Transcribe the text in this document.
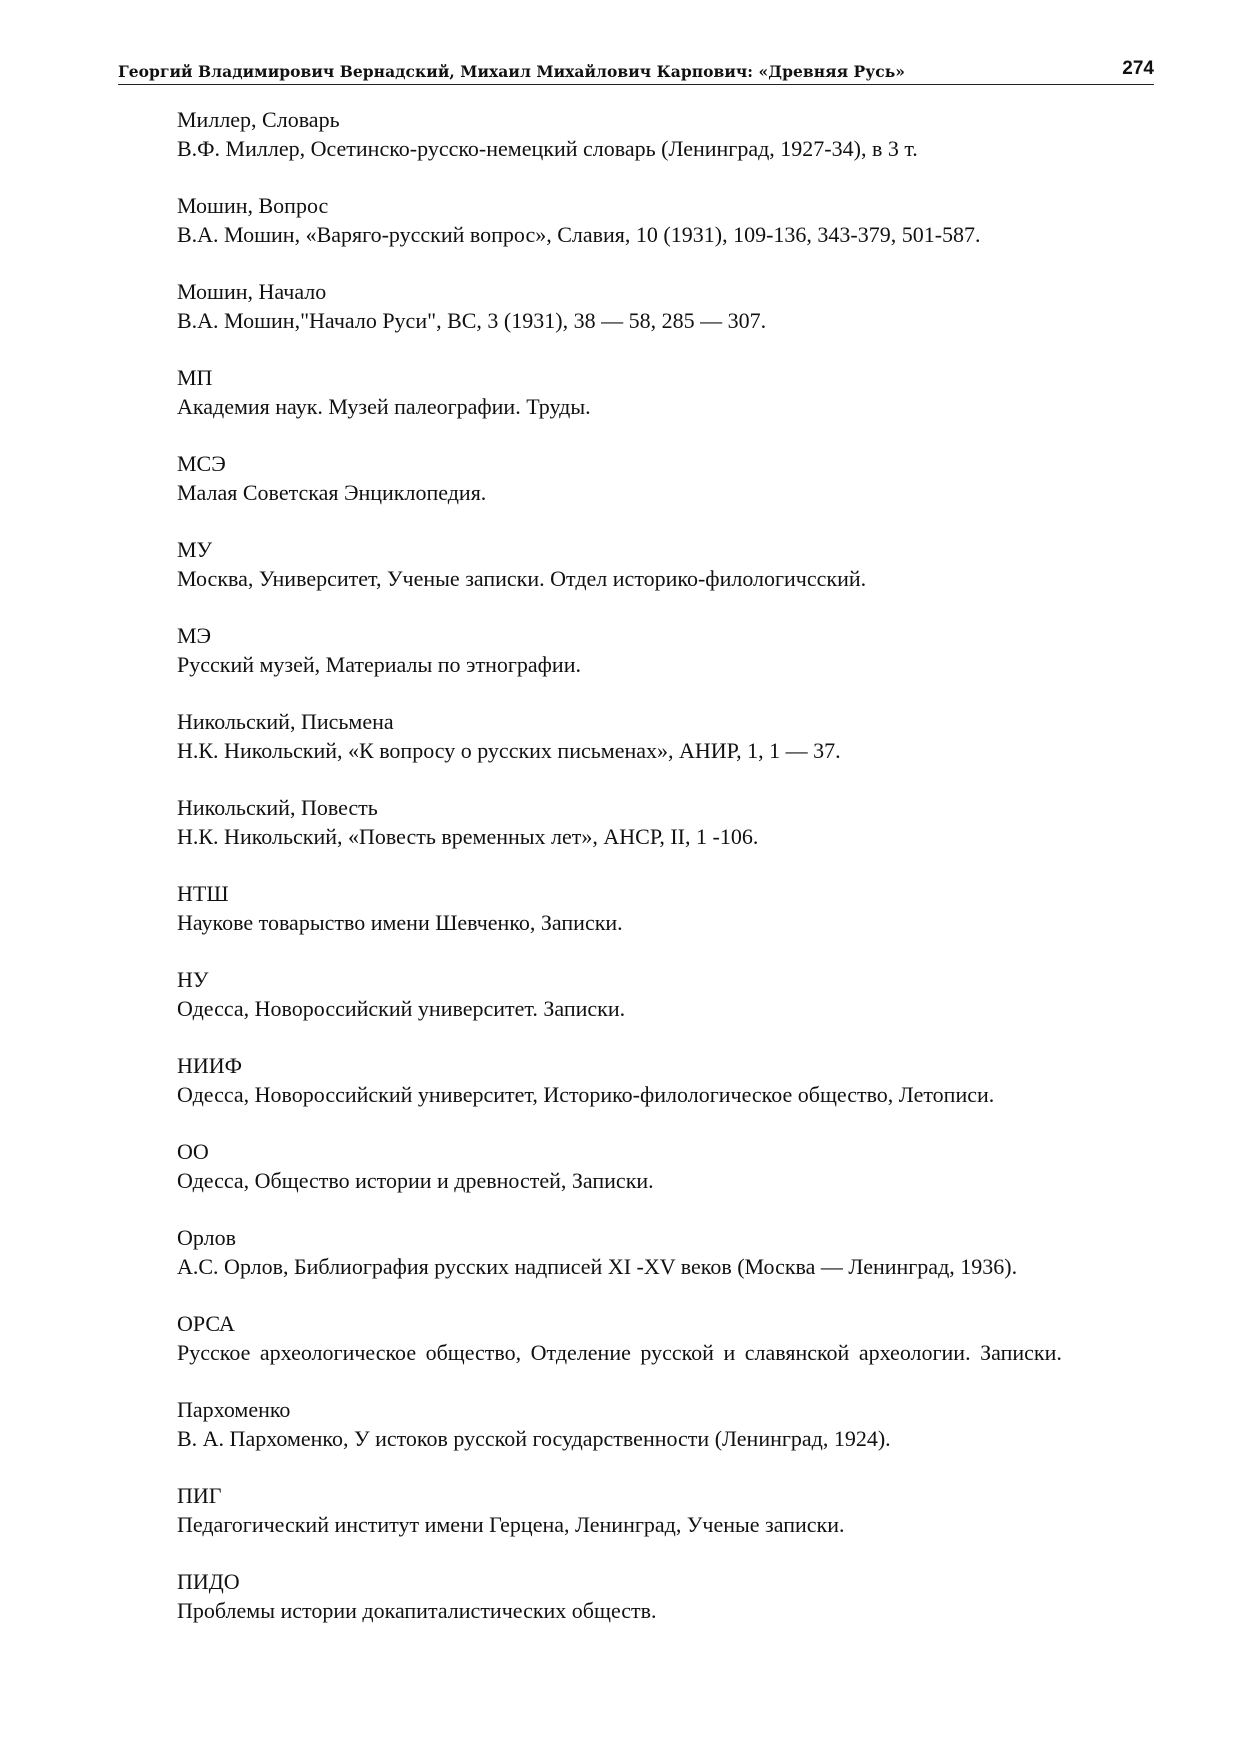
Георгий Владимирович Вернадский, Михаил Михайлович Карпович: «Древняя Русь»	274

Миллер, Словарь

В.Ф. Миллер, Осетинско-русско-немецкий словарь (Ленинград, 1927-34), в 3 т.

Мошин, Вопрос

В.А. Мошин, «Варяго-русский вопрос», Славия, 10 (1931), 109-136, 343-379, 501-587.

Мошин, Начало

В.А. Мошин,"Начало Руси", ВС, 3 (1931), 38 — 58, 285 — 307.

МП

Академия наук. Музей палеографии. Труды.

МСЭ

Малая Советская Энциклопедия.

МУ

Москва, Университет, Ученые записки. Отдел историко-филологичсский.

МЭ

Русский музей, Материалы по этнографии.

Никольский, Письмена

Н.К. Никольский, «К вопросу о русских письменах», АНИР, 1, 1 — 37.

Никольский, Повесть

Н.К. Никольский, «Повесть временных лет», АНСР, II, 1 -106.

НТШ

Наукове товарыство имени Шевченко, Записки.

НУ

Одесса, Новороссийский университет. Записки.

НИИФ

Одесса, Новороссийский университет, Историко-филологическое общество, Летописи.

ОО

Одесса, Общество истории и древностей, Записки.

Орлов

А.С. Орлов, Библиография русских надписей XI -XV веков (Москва — Ленинград, 1936).

ОРСА

Русское археологическое общество, Отделение русской и славянской археологии. Записки.

Пархоменко

В. А. Пархоменко, У истоков русской государственности (Ленинград, 1924).

ПИГ

Педагогический институт имени Герцена, Ленинград, Ученые записки.

ПИДО

Проблемы истории докапиталистических обществ.
